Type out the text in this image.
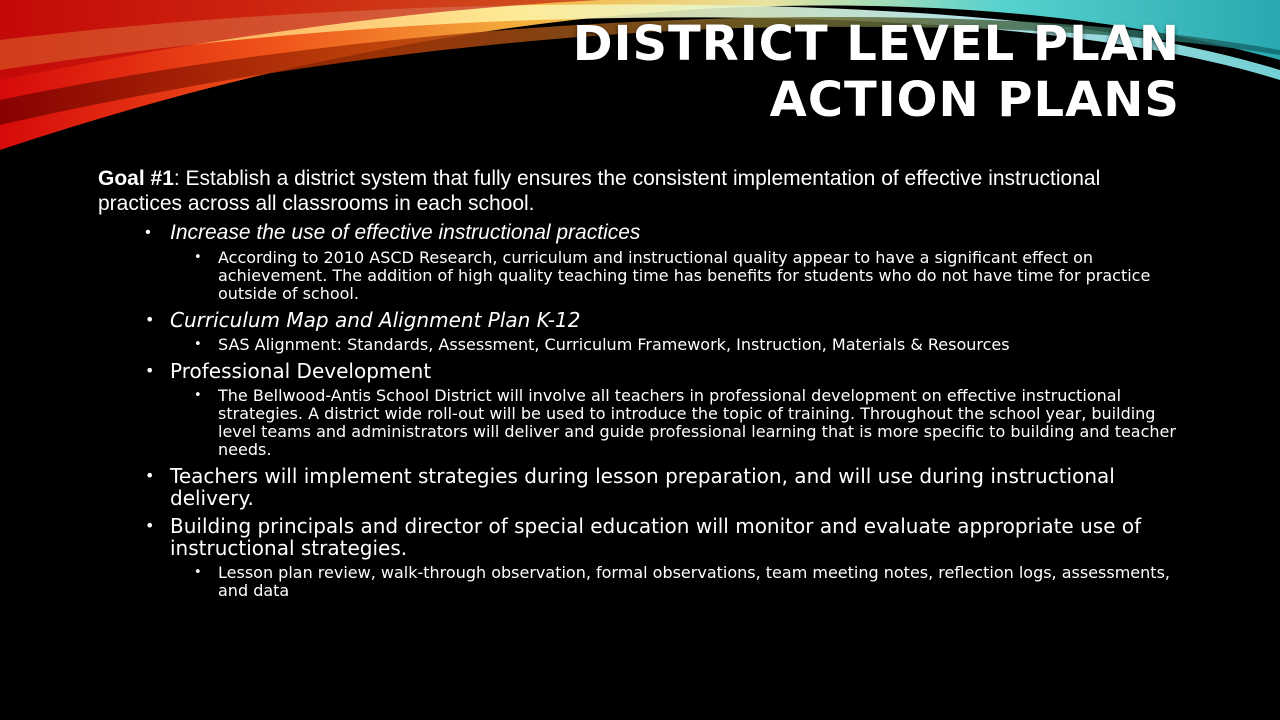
DISTRICT LEVEL PLAN
ACTION PLANS

Goal #1: Establish a district system that fully ensures the consistent implementation of effective instructional practices across all classrooms in each school.

• Increase the use of effective instructional practices
• According to 2010 ASCD Research, curriculum and instructional quality appear to have a significant effect on achievement. The addition of high quality teaching time has benefits for students who do not have time for practice outside of school.
• Curriculum Map and Alignment Plan K-12
• SAS Alignment: Standards, Assessment, Curriculum Framework, Instruction, Materials & Resources
• Professional Development
• The Bellwood-Antis School District will involve all teachers in professional development on effective instructional strategies. A district wide roll-out will be used to introduce the topic of training. Throughout the school year, building level teams and administrators will deliver and guide professional learning that is more specific to building and teacher needs.
• Teachers will implement strategies during lesson preparation, and will use during instructional delivery.
• Building principals and director of special education will monitor and evaluate appropriate use of instructional strategies.
• Lesson plan review, walk-through observation, formal observations, team meeting notes, reflection logs, assessments, and data
